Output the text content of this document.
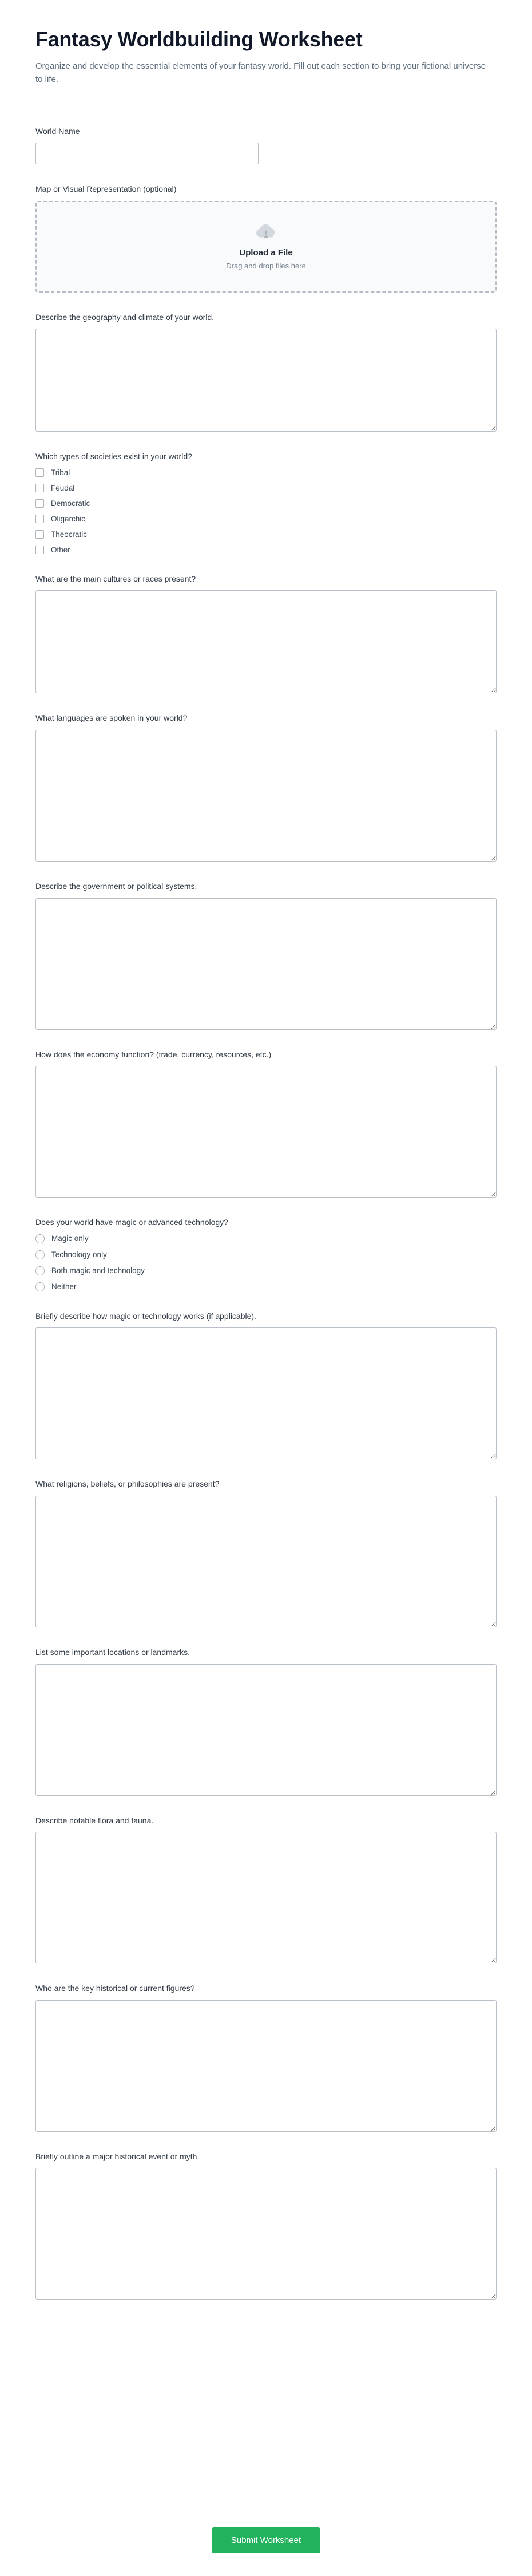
Fantasy Worldbuilding Worksheet

Organize and develop the essential elements of your fantasy world. Fill out each section to bring your fictional universe to life.

World Name
Map or Visual Representation (optional)
Upload a File
Drag and drop files here
Describe the geography and climate of your world.
Which types of societies exist in your world?
Tribal
Feudal
Democratic
Oligarchic
Theocratic
Other
What are the main cultures or races present?
What languages are spoken in your world?
Describe the government or political systems.
How does the economy function? (trade, currency, resources, etc.)
Does your world have magic or advanced technology?
Magic only
Technology only
Both magic and technology
Neither
Briefly describe how magic or technology works (if applicable).
What religions, beliefs, or philosophies are present?
List some important locations or landmarks.
Describe notable flora and fauna.
Who are the key historical or current figures?
Briefly outline a major historical event or myth.
Submit Worksheet
